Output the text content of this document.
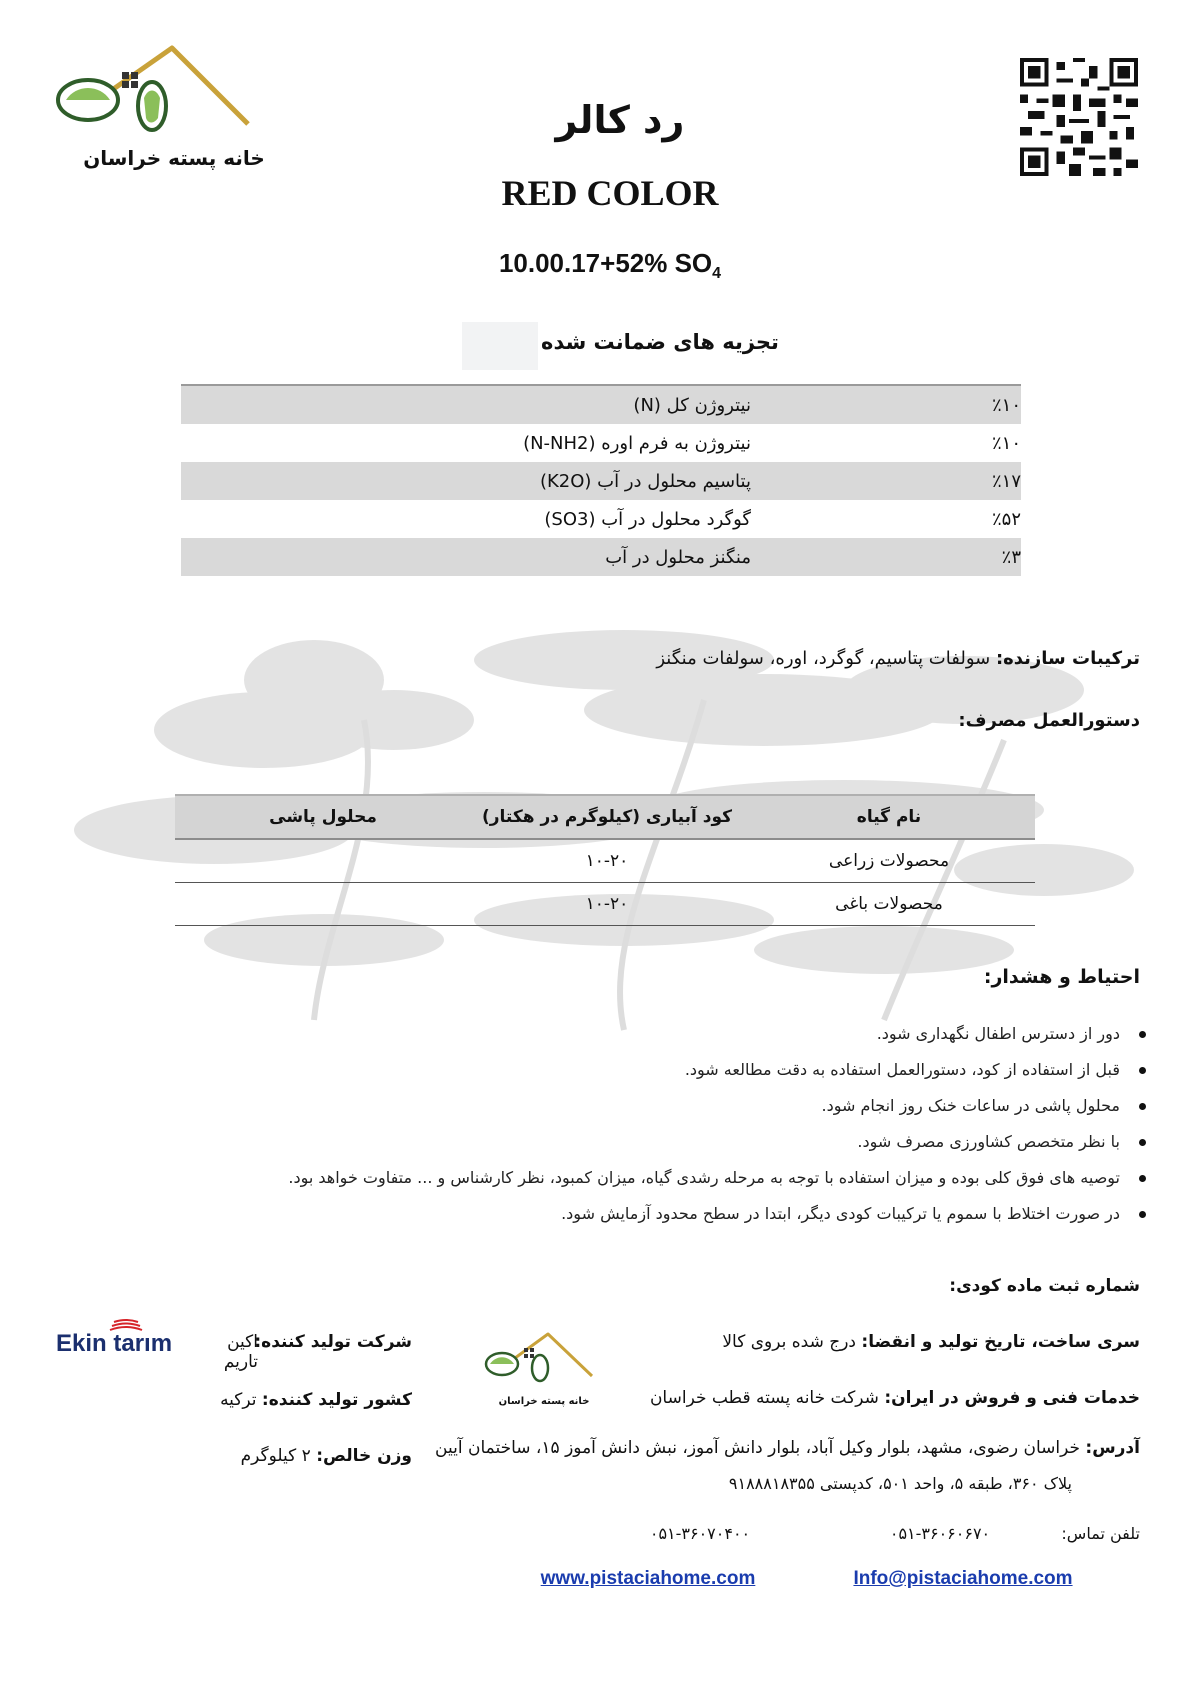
خانه پسته خراسان
رد کالر
RED COLOR
10.00.17+52% $SO_4$
تجزیه های ضمانت شده
نیتروژن کل (N)	٪۱۰
نیتروژن به فرم اوره (N-NH2)	٪۱۰
پتاسیم محلول در آب (K2O)	٪۱۷
گوگرد محلول در آب (SO3)	٪۵۲
منگنز محلول در آب	٪۳
ترکیبات سازنده: سولفات پتاسیم، گوگرد، اوره، سولفات منگنز
دستورالعمل مصرف:
نام گیاه	کود آبیاری (کیلوگرم در هکتار)	محلول پاشی
محصولات زراعی	۱۰-۲۰	
محصولات باغی	۱۰-۲۰	
احتیاط و هشدار:
دور از دسترس اطفال نگهداری شود.
قبل از استفاده از کود، دستورالعمل استفاده به دقت مطالعه شود.
محلول پاشی در ساعات خنک روز انجام شود.
با نظر متخصص کشاورزی مصرف شود.
توصیه های فوق کلی بوده و میزان استفاده با توجه به مرحله رشدی گیاه، میزان کمبود، نظر کارشناس و ... متفاوت خواهد بود.
در صورت اختلاط با سموم یا ترکیبات کودی دیگر، ابتدا در سطح محدود آزمایش شود.
شماره ثبت ماده کودی:
سری ساخت، تاریخ تولید و انقضا: درج شده بروی کالا
خدمات فنی و فروش در ایران: شرکت خانه پسته قطب خراسان
آدرس: خراسان رضوی، مشهد، بلوار وکیل آباد، بلوار دانش آموز، نبش دانش آموز ۱۵، ساختمان آیین
پلاک ۳۶۰، طبقه ۵، واحد ۵۰۱، کدپستی ۹۱۸۸۸۱۸۳۵۵
شرکت تولید کننده:
اکین تاریم
Ekin tarım
کشور تولید کننده: ترکیه
وزن خالص: ۲ کیلوگرم
خانه پسته خراسان
تلفن تماس:
۰۵۱-۳۶۰۶۰۶۷۰
۰۵۱-۳۶۰۷۰۴۰۰
www.pistaciahome.com	Info@pistaciahome.com
